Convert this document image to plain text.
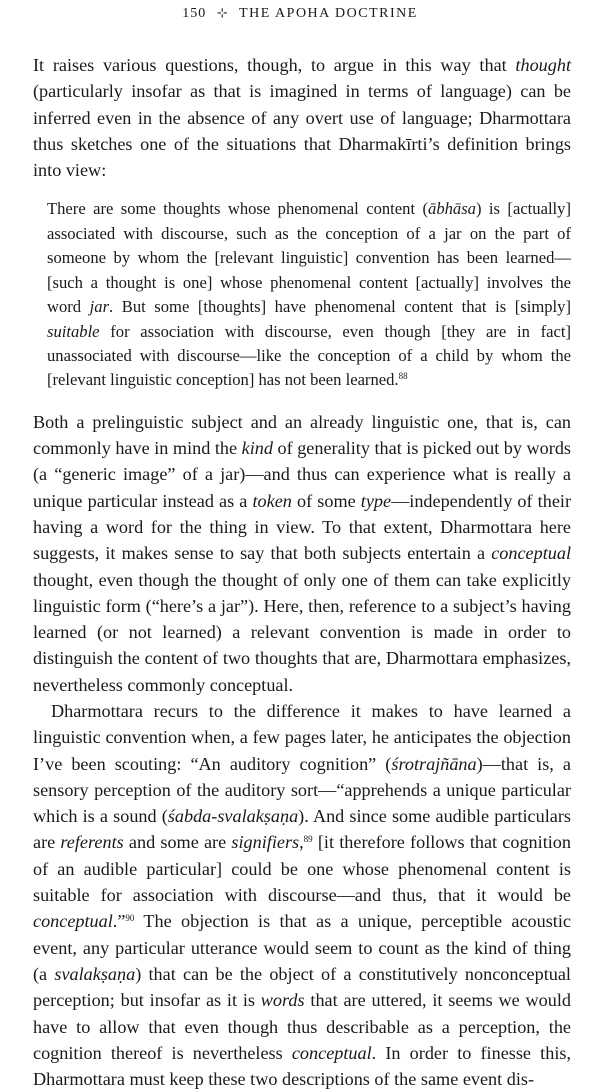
150 ⊹ THE APOHA DOCTRINE

It raises various questions, though, to argue in this way that thought (particularly insofar as that is imagined in terms of language) can be inferred even in the absence of any overt use of language; Dharmottara thus sketches one of the situations that Dharmakīrti’s definition brings into view:

There are some thoughts whose phenomenal content (ābhāsa) is [actually] associated with discourse, such as the conception of a jar on the part of someone by whom the [relevant linguistic] convention has been learned—[such a thought is one] whose phenomenal content [actually] involves the word jar. But some [thoughts] have phenomenal content that is [simply] suitable for association with discourse, even though [they are in fact] unassociated with discourse—like the conception of a child by whom the [relevant linguistic conception] has not been learned.$^{88}$

Both a prelinguistic subject and an already linguistic one, that is, can commonly have in mind the kind of generality that is picked out by words (a “generic image” of a jar)—and thus can experience what is really a unique particular instead as a token of some type—independently of their having a word for the thing in view. To that extent, Dharmottara here suggests, it makes sense to say that both subjects entertain a conceptual thought, even though the thought of only one of them can take explicitly linguistic form (“here’s a jar”). Here, then, reference to a subject’s having learned (or not learned) a relevant convention is made in order to distinguish the content of two thoughts that are, Dharmottara emphasizes, nevertheless commonly conceptual.

Dharmottara recurs to the difference it makes to have learned a linguistic convention when, a few pages later, he anticipates the objection I’ve been scouting: “An auditory cognition” (śrotrajñāna)—that is, a sensory perception of the auditory sort—“apprehends a unique particular which is a sound (śabda-svalakṣaṇa). And since some audible particulars are referents and some are signifiers,$^{89}$ [it therefore follows that cognition of an audible particular] could be one whose phenomenal content is suitable for association with discourse—and thus, that it would be conceptual.”$^{90}$ The objection is that as a unique, perceptible acoustic event, any particular utterance would seem to count as the kind of thing (a svalakṣaṇa) that can be the object of a constitutively nonconceptual perception; but insofar as it is words that are uttered, it seems we would have to allow that even though thus describable as a perception, the cognition thereof is nevertheless conceptual. In order to finesse this, Dharmottara must keep these two descriptions of the same event dis-
